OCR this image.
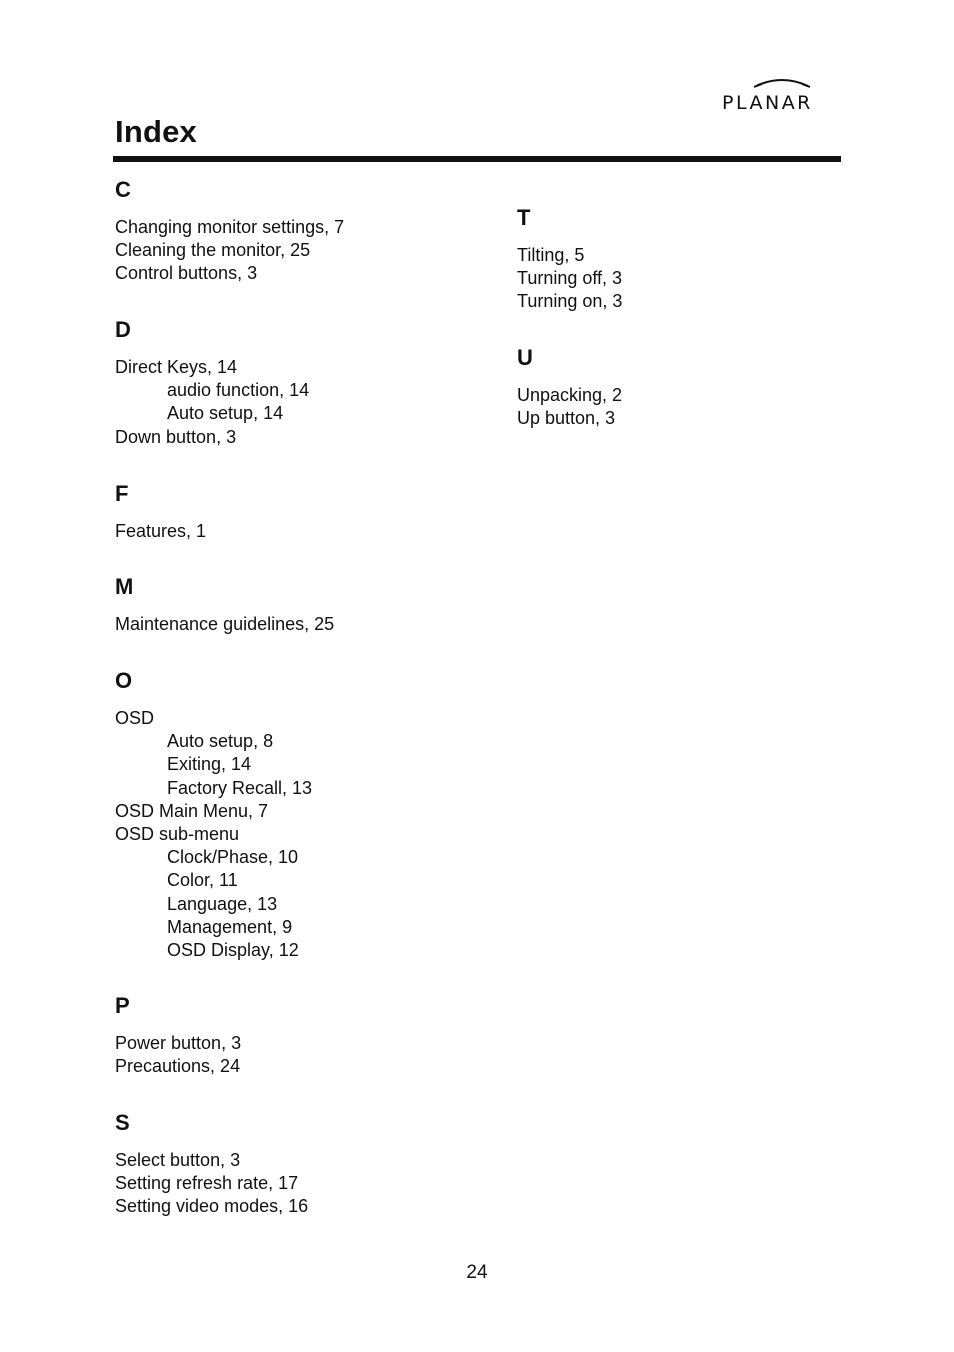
PLANAR
Index
C
Changing monitor settings, 7
Cleaning the monitor, 25
Control buttons, 3
D
Direct Keys, 14
audio function, 14
Auto setup, 14
Down button, 3
F
Features, 1
M
Maintenance guidelines, 25
O
OSD
Auto setup, 8
Exiting, 14
Factory Recall, 13
OSD Main Menu, 7
OSD sub-menu
Clock/Phase, 10
Color, 11
Language, 13
Management, 9
OSD Display, 12
P
Power button, 3
Precautions, 24
S
Select button, 3
Setting refresh rate, 17
Setting video modes, 16
T
Tilting, 5
Turning off, 3
Turning on, 3
U
Unpacking, 2
Up button, 3
24
